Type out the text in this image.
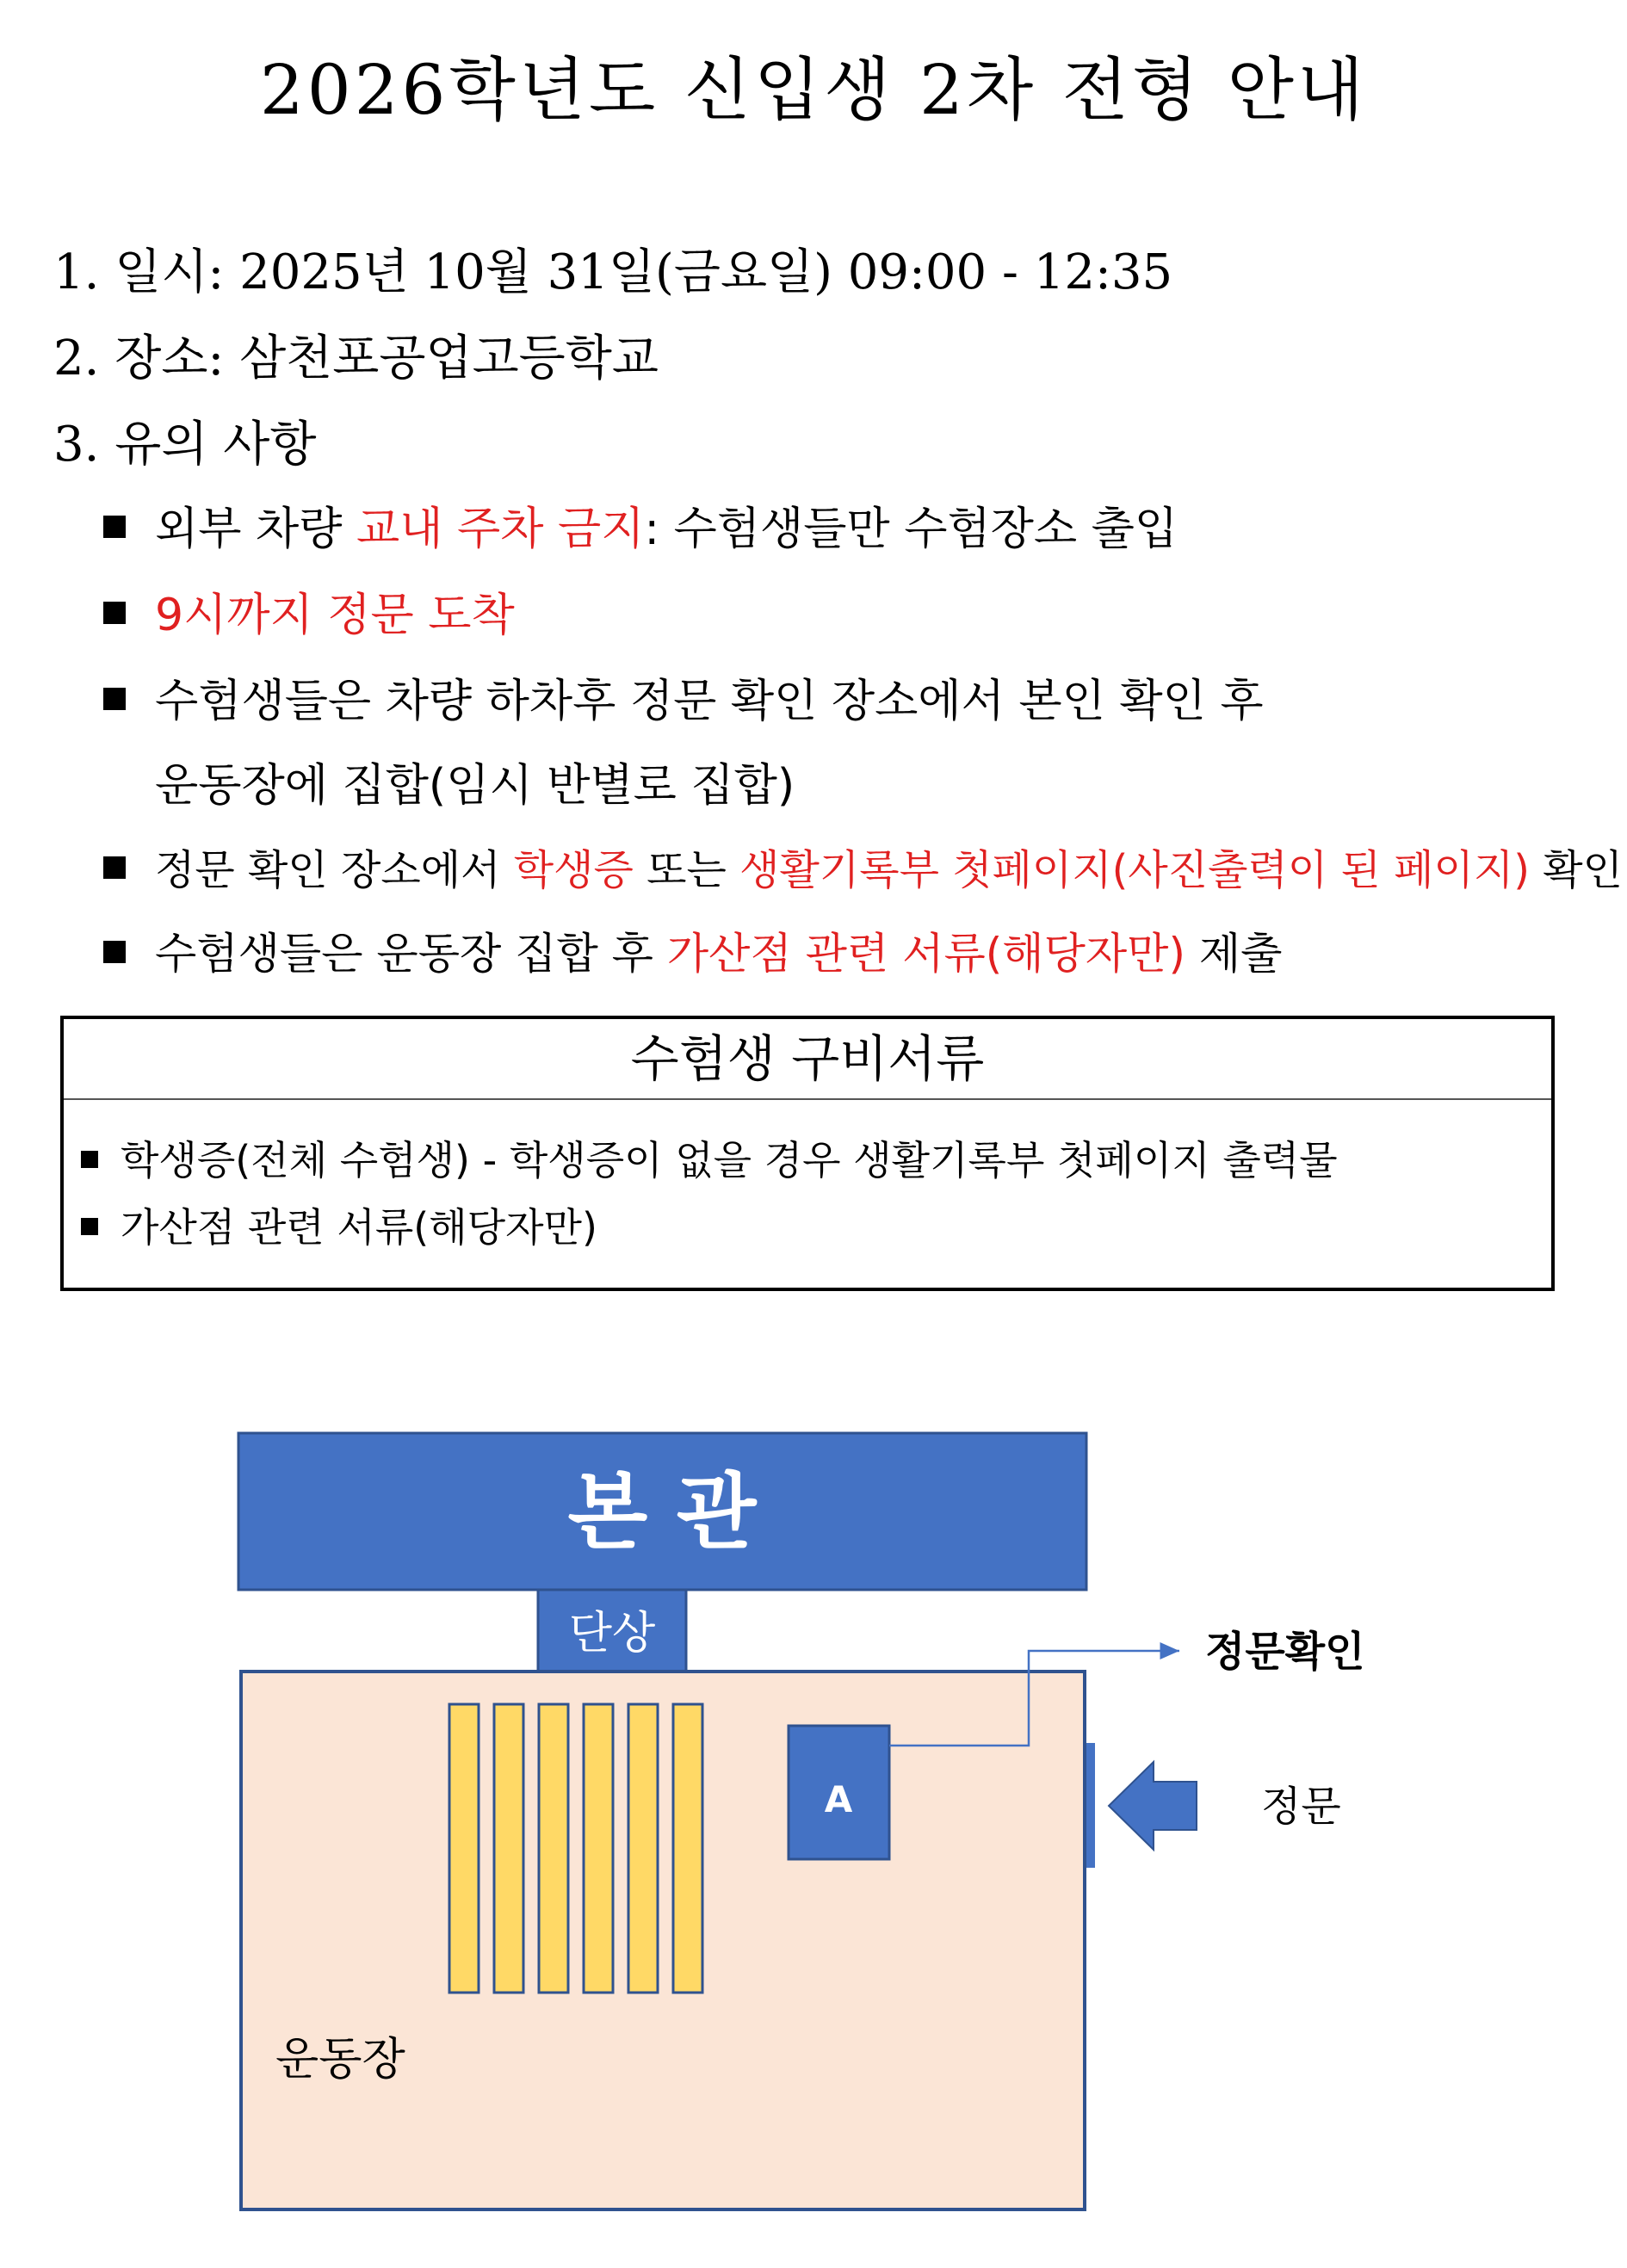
2026학년도 신입생 2차 전형 안내
1. 일시: 2025년 10월 31일(금요일) 09:00 - 12:35
2. 장소: 삼천포공업고등학교
3. 유의 사항
외부 차량 교내 주차 금지: 수험생들만 수험장소 출입
9시까지 정문 도착
수험생들은 차량 하차후 정문 확인 장소에서 본인 확인 후
운동장에 집합(임시 반별로 집합)
정문 확인 장소에서 학생증 또는 생활기록부 첫페이지(사진출력이 된 페이지) 확인
수험생들은 운동장 집합 후 가산점 관련 서류(해당자만) 제출
수험생 구비서류
학생증(전체 수험생) - 학생증이 없을 경우 생활기록부 첫페이지 출력물
가산점 관련 서류(해당자만)
본 관
단상
A
정문확인
정문
운동장
